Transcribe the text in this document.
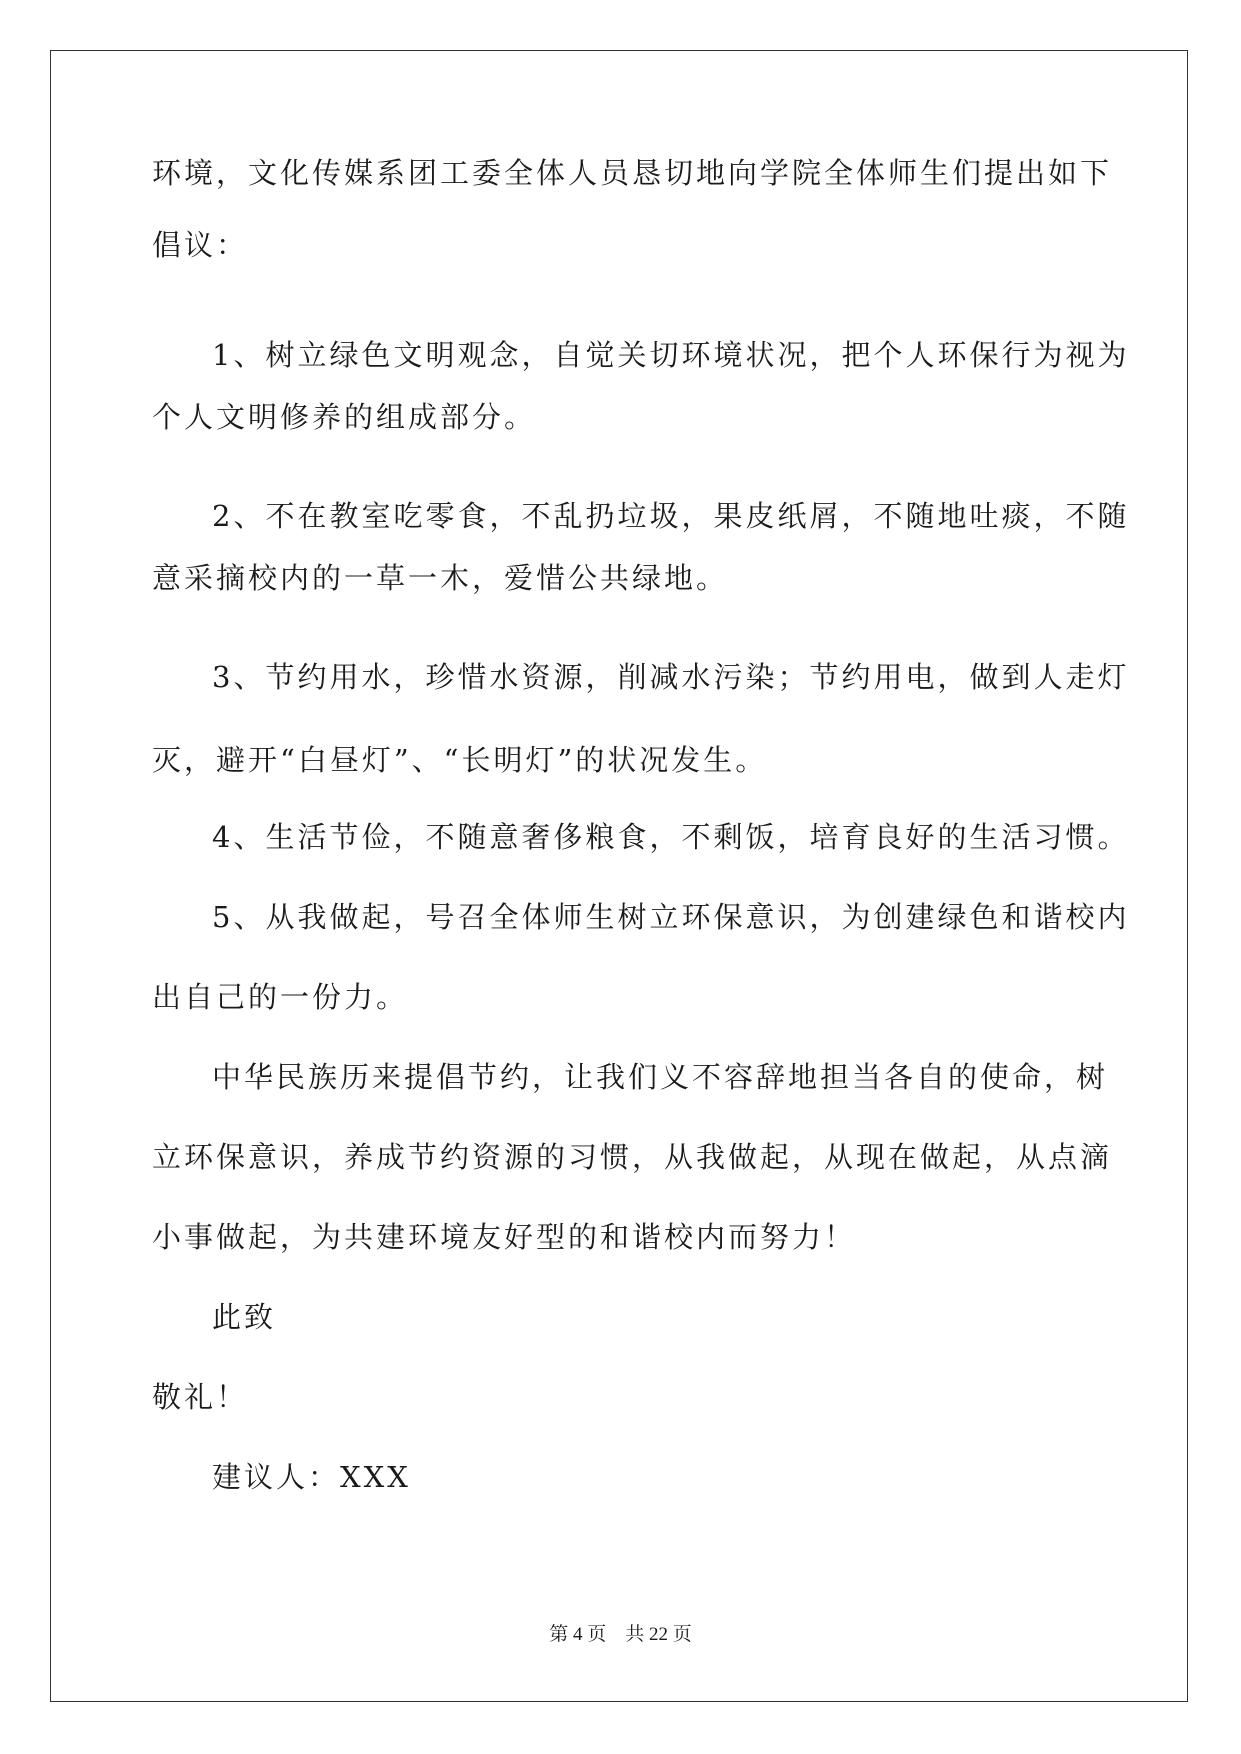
环境，文化传媒系团工委全体人员恳切地向学院全体师生们提出如下
倡议：
1、树立绿色文明观念，自觉关切环境状况，把个人环保行为视为
个人文明修养的组成部分。
2、不在教室吃零食，不乱扔垃圾，果皮纸屑，不随地吐痰，不随
意采摘校内的一草一木，爱惜公共绿地。
3、节约用水，珍惜水资源，削减水污染；节约用电，做到人走灯
灭，避开“白昼灯”、“长明灯”的状况发生。
4、生活节俭，不随意奢侈粮食，不剩饭，培育良好的生活习惯。
5、从我做起，号召全体师生树立环保意识，为创建绿色和谐校内
出自己的一份力。
中华民族历来提倡节约，让我们义不容辞地担当各自的使命，树
立环保意识，养成节约资源的习惯，从我做起，从现在做起，从点滴
小事做起，为共建环境友好型的和谐校内而努力！
此致
敬礼！
建议人：XXX
第 4 页    共 22 页
